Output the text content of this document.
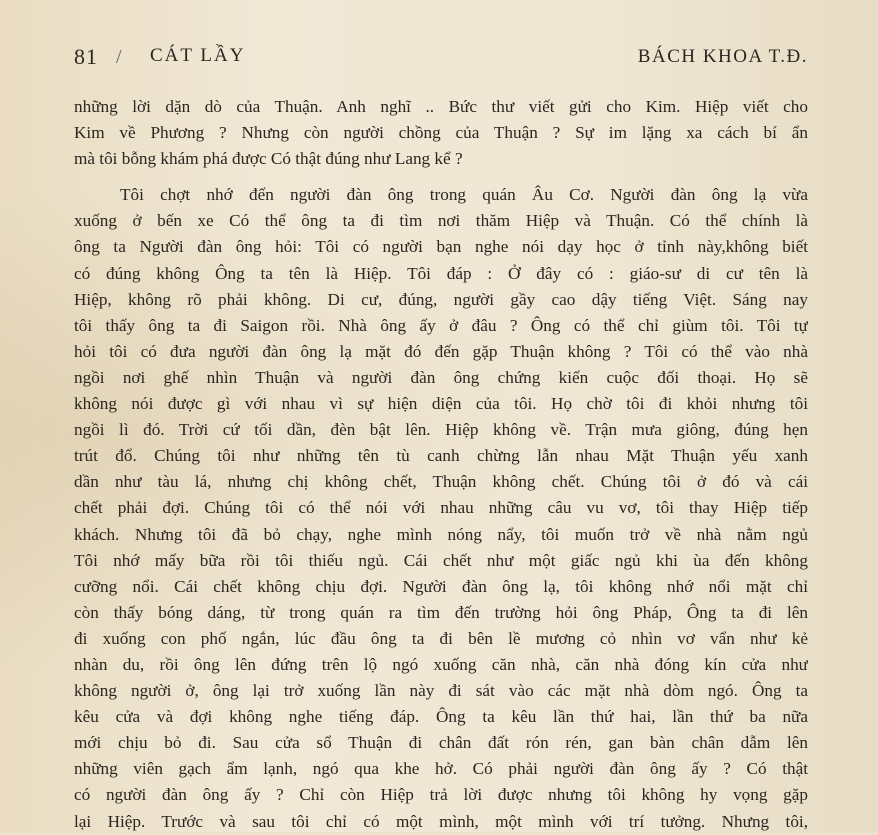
81 / CÁT LẦY	BÁCH KHOA T.Đ.
những lời dặn dò của Thuận. Anh nghĩ .. Bức thư viết gửi cho Kim. Hiệp viết cho
Kim về Phương ? Nhưng còn người chồng của Thuận ? Sự im lặng xa cách bí ẩn
mà tôi bỗng khám phá được Có thật đúng như Lang kể ?
Tôi chợt nhớ đến người đàn ông trong quán Âu Cơ. Người đàn ông lạ vừa
xuống ở bến xe Có thể ông ta đi tìm nơi thăm Hiệp và Thuận. Có thể chính là
ông ta Người đàn ông hỏi: Tôi có người bạn nghe nói dạy học ở tỉnh này,không biết
có đúng không Ông ta tên là Hiệp. Tôi đáp : Ở đây có : giáo-sư di cư tên là
Hiệp, không rõ phải không. Di cư, đúng, người gầy cao dậy tiếng Việt. Sáng nay
tôi thấy ông ta đi Saigon rồi. Nhà ông ấy ở đâu ? Ông có thể chỉ giùm tôi. Tôi tự
hỏi tôi có đưa người đàn ông lạ mặt đó đến gặp Thuận không ? Tôi có thể vào nhà
ngồi nơi ghế nhìn Thuận và người đàn ông chứng kiến cuộc đối thoại. Họ sẽ
không nói được gì với nhau vì sự hiện diện của tôi. Họ chờ tôi đi khỏi nhưng tôi
ngồi lì đó. Trời cứ tối dần, đèn bật lên. Hiệp không về. Trận mưa giông, đúng hẹn
trút đổ. Chúng tôi như những tên tù canh chừng lẫn nhau Mặt Thuận yếu xanh
dần như tàu lá, nhưng chị không chết, Thuận không chết. Chúng tôi ở đó và cái
chết phải đợi. Chúng tôi có thể nói với nhau những câu vu vơ, tôi thay Hiệp tiếp
khách. Nhưng tôi đã bỏ chạy, nghe mình nóng nẩy, tôi muốn trở về nhà nằm ngủ
Tôi nhớ mấy bữa rồi tôi thiếu ngủ. Cái chết như một giấc ngủ khi ùa đến không
cưỡng nổi. Cái chết không chịu đợi. Người đàn ông lạ, tôi không nhớ nổi mặt chỉ
còn thấy bóng dáng, từ trong quán ra tìm đến trường hỏi ông Pháp, Ông ta đi lên
đi xuống con phố ngắn, lúc đầu ông ta đi bên lề mương cỏ nhìn vơ vẩn như kẻ
nhàn du, rồi ông lên đứng trên lộ ngó xuống căn nhà, căn nhà đóng kín cửa như
không người ở, ông lại trở xuống lần này đi sát vào các mặt nhà dòm ngó. Ông ta
kêu cửa và đợi không nghe tiếng đáp. Ông ta kêu lần thứ hai, lần thứ ba nữa
mới chịu bỏ đi. Sau cửa sổ Thuận đi chân đất rón rén, gan bàn chân dẫm lên
những viên gạch ẩm lạnh, ngó qua khe hở. Có phải người đàn ông ấy ? Có thật
có người đàn ông ấy ? Chỉ còn Hiệp trả lời được nhưng tôi không hy vọng gặp
lại Hiệp. Trước và sau tôi chỉ có một mình, một mình với trí tưởng. Nhưng tôi,
